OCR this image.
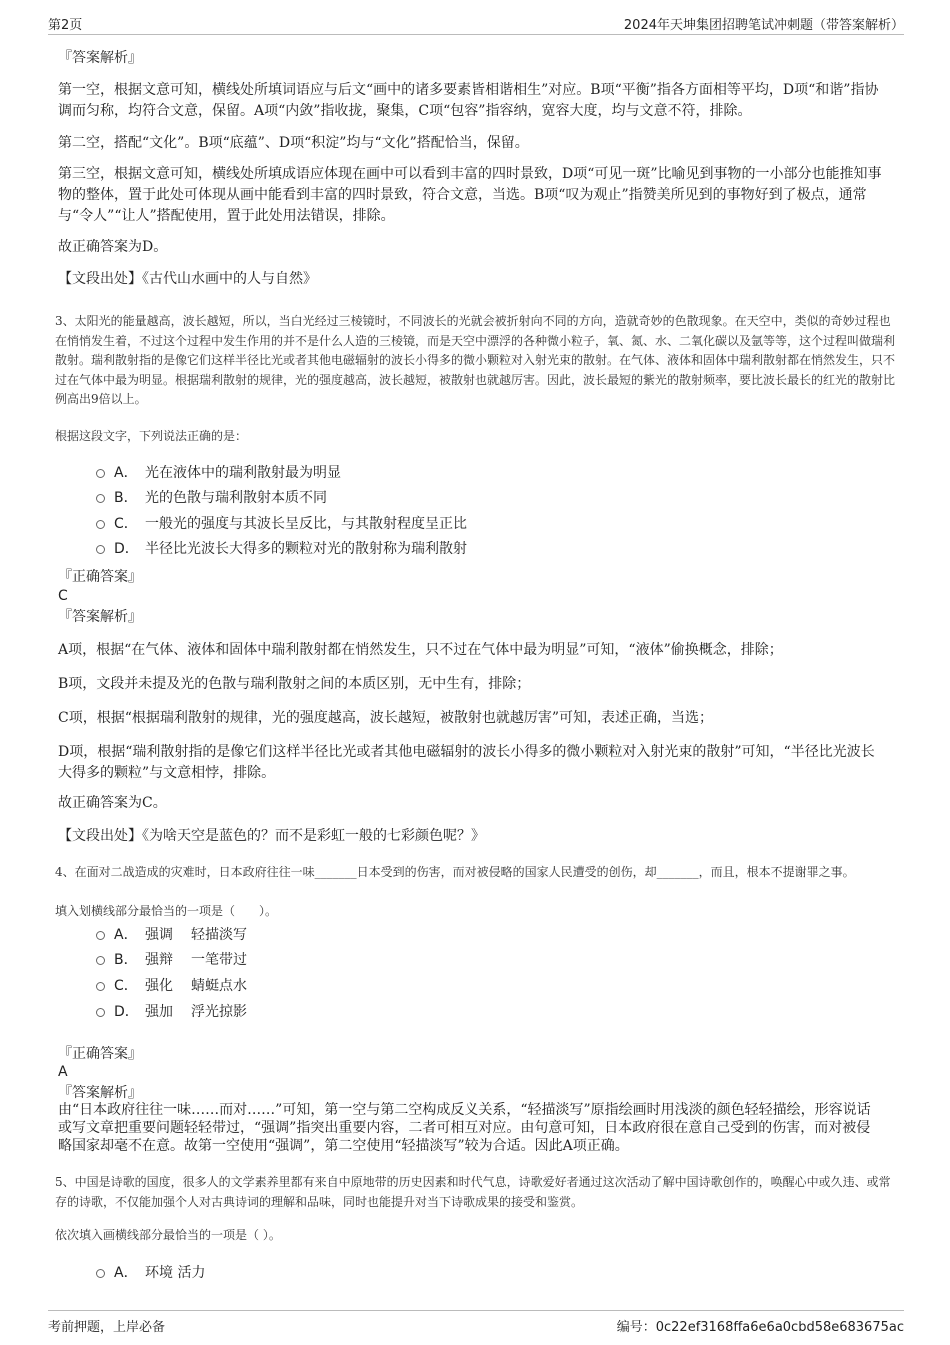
第2页	2024年天坤集团招聘笔试冲刺题（带答案解析）

『答案解析』

第一空，根据文意可知，横线处所填词语应与后文“画中的诸多要素皆相谐相生”对应。B项“平衡”指各方面相等平均，D项“和谐”指协调而匀称，均符合文意，保留。A项“内敛”指收拢，聚集，C项“包容”指容纳，宽容大度，均与文意不符，排除。

第二空，搭配“文化”。B项“底蕴”、D项“积淀”均与“文化”搭配恰当，保留。

第三空，根据文意可知，横线处所填成语应体现在画中可以看到丰富的四时景致，D项“可见一斑”比喻见到事物的一小部分也能推知事物的整体，置于此处可体现从画中能看到丰富的四时景致，符合文意，当选。B项“叹为观止”指赞美所见到的事物好到了极点，通常与“令人”“让人”搭配使用，置于此处用法错误，排除。

故正确答案为D。

【文段出处】《古代山水画中的人与自然》

3、太阳光的能量越高，波长越短，所以，当白光经过三棱镜时，不同波长的光就会被折射向不同的方向，造就奇妙的色散现象。在天空中，类似的奇妙过程也在悄悄发生着，不过这个过程中发生作用的并不是什么人造的三棱镜，而是天空中漂浮的各种微小粒子，氧、氮、水、二氧化碳以及氩等等，这个过程叫做瑞利散射。瑞利散射指的是像它们这样半径比光或者其他电磁辐射的波长小得多的微小颗粒对入射光束的散射。在气体、液体和固体中瑞利散射都在悄然发生，只不过在气体中最为明显。根据瑞利散射的规律，光的强度越高，波长越短，被散射也就越厉害。因此，波长最短的紫光的散射频率，要比波长最长的红光的散射比例高出9倍以上。

根据这段文字，下列说法正确的是：

A． 光在液体中的瑞利散射最为明显
B． 光的色散与瑞利散射本质不同
C． 一般光的强度与其波长呈反比，与其散射程度呈正比
D． 半径比光波长大得多的颗粒对光的散射称为瑞利散射

『正确答案』

C

『答案解析』

A项，根据“在气体、液体和固体中瑞利散射都在悄然发生，只不过在气体中最为明显”可知，“液体”偷换概念，排除；

B项，文段并未提及光的色散与瑞利散射之间的本质区别，无中生有，排除；

C项，根据“根据瑞利散射的规律，光的强度越高，波长越短，被散射也就越厉害”可知，表述正确，当选；

D项，根据“瑞利散射指的是像它们这样半径比光或者其他电磁辐射的波长小得多的微小颗粒对入射光束的散射”可知，“半径比光波长大得多的颗粒”与文意相悖，排除。

故正确答案为C。

【文段出处】《为啥天空是蓝色的？而不是彩虹一般的七彩颜色呢？》

4、在面对二战造成的灾难时，日本政府往往一味_______日本受到的伤害，而对被侵略的国家人民遭受的创伤，却_______，而且，根本不提谢罪之事。

填入划横线部分最恰当的一项是（　　）。

A． 强调 轻描淡写
B． 强辩 一笔带过
C． 强化 蜻蜓点水
D． 强加 浮光掠影

『正确答案』

A

『答案解析』

由“日本政府往往一味……而对……”可知，第一空与第二空构成反义关系，“轻描淡写”原指绘画时用浅淡的颜色轻轻描绘，形容说话或写文章把重要问题轻轻带过，“强调”指突出重要内容，二者可相互对应。由句意可知，日本政府很在意自己受到的伤害，而对被侵略国家却毫不在意。故第一空使用“强调”，第二空使用“轻描淡写”较为合适。因此A项正确。

5、中国是诗歌的国度，很多人的文学素养里都有来自中原地带的历史因素和时代气息，诗歌爱好者通过这次活动了解中国诗歌创作的，唤醒心中或久违、或常存的诗歌，不仅能加强个人对古典诗词的理解和品味，同时也能提升对当下诗歌成果的接受和鉴赏。

依次填入画横线部分最恰当的一项是（ ）。

A． 环境 活力
考前押题，上岸必备	编号：0c22ef3168ffa6e6a0cbd58e683675ac
